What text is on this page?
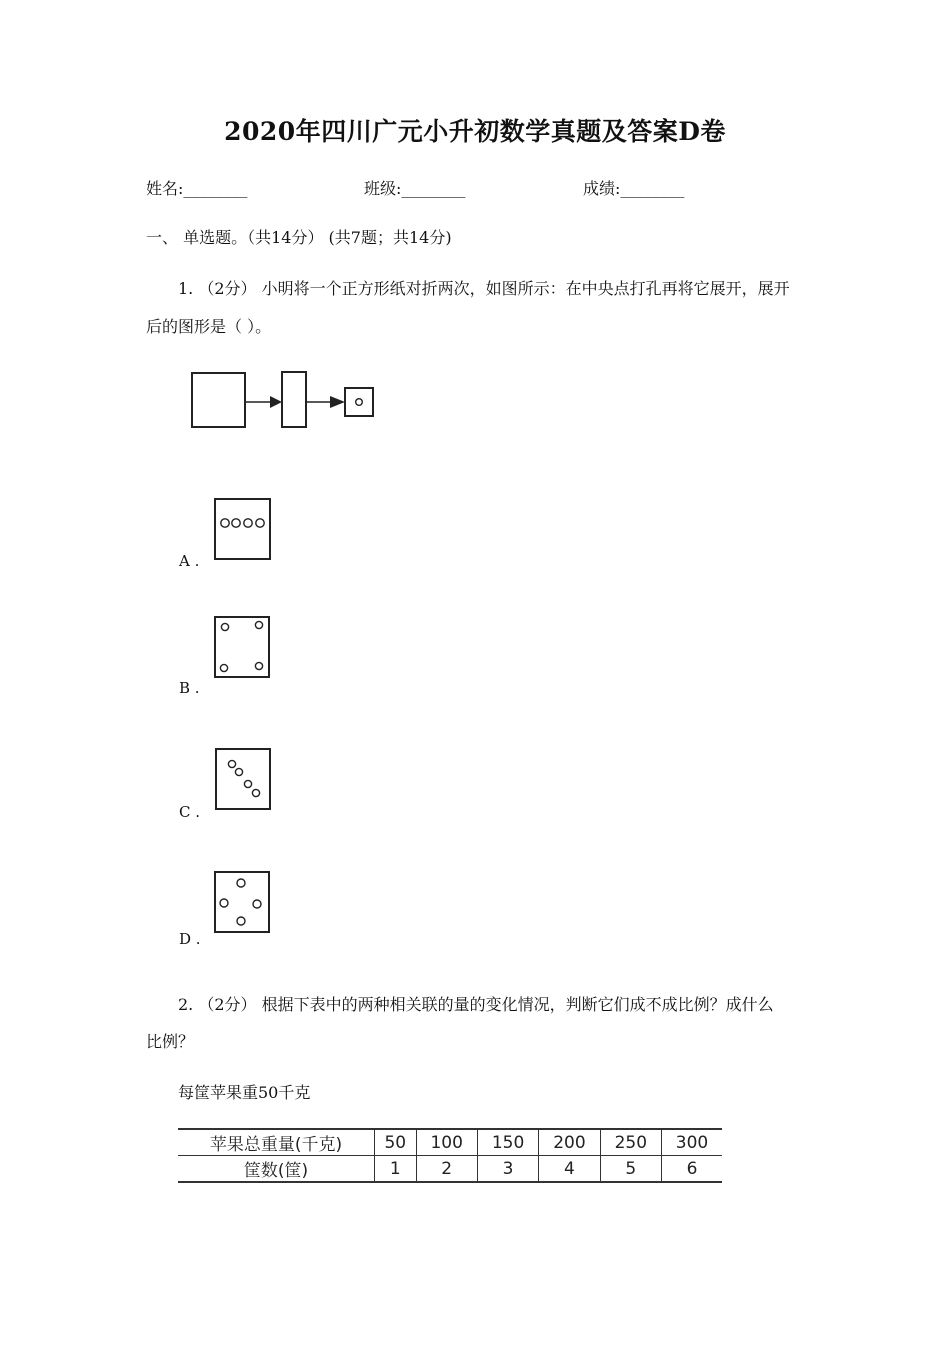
2020年四川广元小升初数学真题及答案D卷
姓名:________	班级:________	成绩:________
一、 单选题。（共14分） (共7题；共14分)
1. （2分） 小明将一个正方形纸对折两次，如图所示：在中央点打孔再将它展开，展开
后的图形是（ ）。
A .
B .
C .
D .
2. （2分） 根据下表中的两种相关联的量的变化情况，判断它们成不成比例？成什么
比例？
每筐苹果重50千克
苹果总重量(千克)	50	100	150	200	250	300
筐数(筐)	1	2	3	4	5	6
